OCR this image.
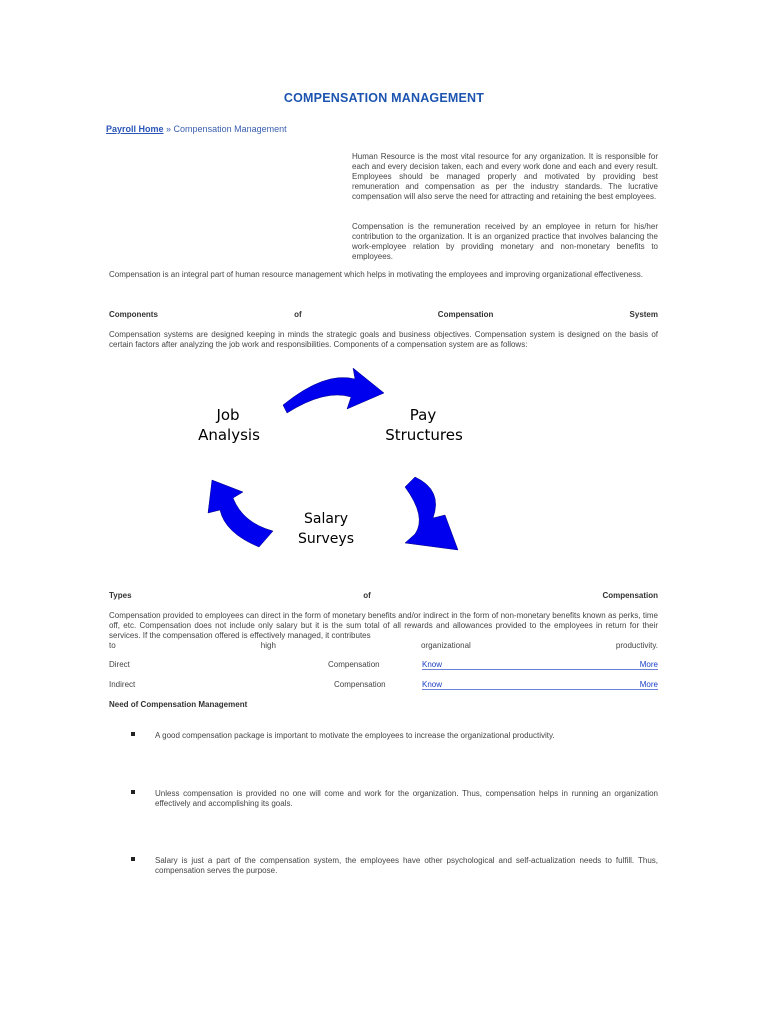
COMPENSATION MANAGEMENT
Payroll Home » Compensation Management

Human Resource is the most vital resource for any organization. It is responsible for each and every decision taken, each and every work done and each and every result. Employees should be managed properly and motivated by providing best remuneration and compensation as per the industry standards. The lucrative compensation will also serve the need for attracting and retaining the best employees.

Compensation is the remuneration received by an employee in return for his/her contribution to the organization. It is an organized practice that involves balancing the work-employee relation by providing monetary and non-monetary benefits to employees.

Compensation is an integral part of human resource management which helps in motivating the employees and improving organizational effectiveness.

Components	of	Compensation	System

Compensation systems are designed keeping in minds the strategic goals and business objectives. Compensation system is designed on the basis of certain factors after analyzing the job work and responsibilities. Components of a compensation system are as follows:

Job
Analysis
Pay
Structures
Salary
Surveys
Types	of	Compensation

Compensation provided to employees can direct in the form of monetary benefits and/or indirect in the form of non-monetary benefits known as perks, time off, etc. Compensation does not include only salary but it is the sum total of all rewards and allowances provided to the employees in return for their services. If the compensation offered is effectively managed, it contributes

to	high	organizational	productivity.
Direct	Compensation	Know	More
Indirect	Compensation	Know	More
Need of Compensation Management

A good compensation package is important to motivate the employees to increase the organizational productivity.

Unless compensation is provided no one will come and work for the organization. Thus, compensation helps in running an organization effectively and accomplishing its goals.

Salary is just a part of the compensation system, the employees have other psychological and self-actualization needs to fulfill. Thus, compensation serves the purpose.
